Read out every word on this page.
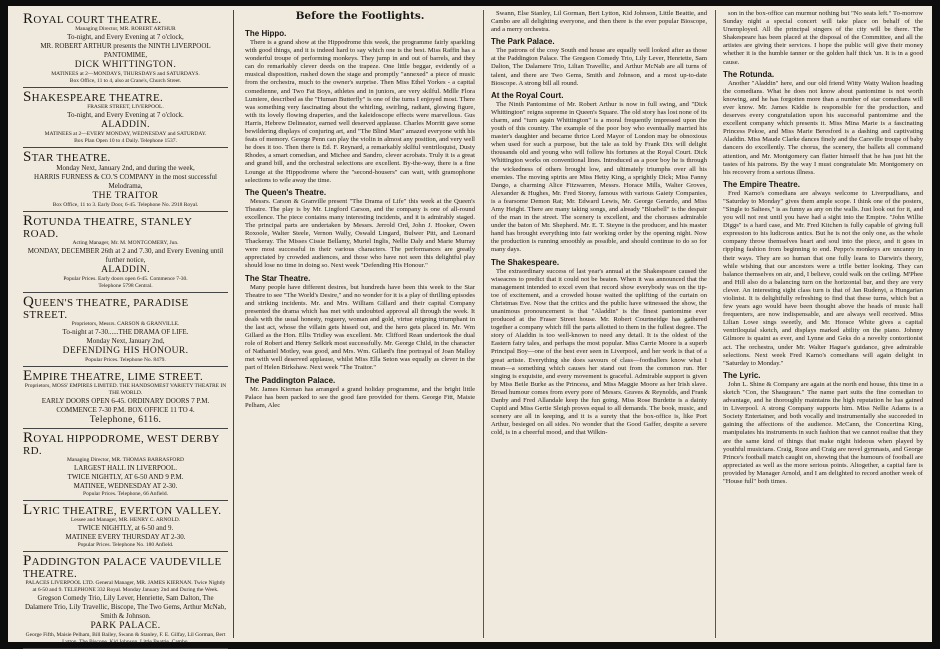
ROYAL COURT THEATRE.
Managing Director, MR. ROBERT ARTHUR
To-night, and Every Evening at 7 o'clock,
MR. ROBERT ARTHUR presents the NINTH LIVERPOOL PANTOMIME,
DICK WHITTINGTON.
MATINEES at 2—MONDAYS, THURSDAYS and SATURDAYS.
Box Office, 11 to 4, also at Crane's, Church Street.
SHAKESPEARE THEATRE.
FRASER STREET, LIVERPOOL.
To-night, and Every Evening at 7 o'clock.
ALADDIN.
MATINEES at 2—EVERY MONDAY, WEDNESDAY and SATURDAY.
Box Plan Open 10 to 4 Daily. Telephone 1537.
STAR THEATRE.
Monday Next, January 2nd, and during the week,
HARRIS FURNESS & CO.'S COMPANY in the most successful Melodrama,
THE TRAITOR
Box Office, 11 to 3. Early Door, 6-45. Telephone No. 2918 Royal.
ROTUNDA THEATRE, STANLEY ROAD.
Acting Manager, Mr. M. MONTGOMERY, Jun.
MONDAY, DECEMBER 26th at 2 and 7.30, and Every Evening until further notice,
ALADDIN.
Popular Prices. Early doors open 6-45. Commence 7-30.
Telephone 5798 Central.
QUEEN'S THEATRE, PARADISE STREET.
Proprietors, Messrs. CARSON & GRANVILLE.
To-night at 7-30......THE DRAMA OF LIFE.
Monday Next, January 2nd,
DEFENDING HIS HONOUR.
Popular Prices. Telephone No. 8479.
EMPIRE THEATRE, LIME STREET.
Proprietors, MOSS' EMPIRES LIMITED. THE HANDSOMEST VARIETY THEATRE IN THE WORLD.
EARLY DOORS OPEN 6-45. ORDINARY DOORS 7 P.M.
COMMENCE 7-30 P.M. BOX OFFICE 11 TO 4.
Telephone, 6116.
ROYAL HIPPODROME, WEST DERBY RD.
Managing Director, MR. THOMAS BARRASFORD
LARGEST HALL IN LIVERPOOL.
TWICE NIGHTLY, AT 6-50 AND 9 P.M.
MATINEE, WEDNESDAY AT 2-30.
Popular Prices. Telephone, 66 Anfield.
LYRIC THEATRE, EVERTON VALLEY.
Lessee and Manager, MR. HENRY C. ARNOLD.
TWICE NIGHTLY, at 6-50 and 9.
MATINEE EVERY THURSDAY AT 2-30.
Popular Prices. Telephone No. 180 Anfield.
PADDINGTON PALACE VAUDEVILLE THEATRE.
PALACES LIVERPOOL LTD. General Manager, MR. JAMES KIERNAN. Twice Nightly at 6-50 and 9. TELEPHONE 332 Royal. Monday January 2nd and During the Week.
Gregson Comedy Trio, Lily Lever, Henriette, Sam Dalton, The Dalamere Trio, Lily Travellic, Biscope, The Two Gems, Arthur McNab, Smith & Johnson.
PARK PALACE.
George Fifth, Maisie Pelham, Bill Bailey, Swann & Stanley, F. E. Gilfay, Lil Gorman, Bert Lytton, The Biscope, Kid Johnson, Little Beattie, Cambo.
Before the Footlights.
The Hippo.
There is a grand show at the Hippodrome this week, the programme fairly sparkling with good things, and it is indeed hard to say which one is the best. Miss Raffin has a wonderful troupe of performing monkeys. They jump in and out of barrels, and they can do remarkably clever deeds on the trapeze. One little beggar, evidently of a musical disposition, rushed down the stage and promptly "annexed" a piece of music from the orchestra, much to the owner's surprise. Then Miss Ethel Yorkes - a capital comedienne, and Two Fat Boys, athletes and in juniors, are very skilful. Mdlle Flora Lumiere, described as the "Human Butterfly" is one of the turns I enjoyed most. There was something very fascinating about the whirling, swirling, radiant, glowing figure, with its lovely flowing draperies, and the kaleidoscope effects were marvellous. Gus Harris, Hebrew Delineator, earned well deserved applause. Charles Morritt gave some bewildering displays of conjuring art, and "The Blind Man" amazed everyone with his feats of memory. George Penn can play the violin in almost any position, and very well he does it too. Then there is Ed. F. Reynard, a remarkably skilful ventriloquist, Dusty Rhodes, a smart comedian, and Michee and Sandro, clever acrobats. Truly it is a great and grand bill, and the orchestral selections are excellent. By-the-way, there is a fine Lounge at the Hippodrome where the "second-housers" can wait, with gramophone selections to wile away the time.
The Queen's Theatre.
Messrs. Carson & Granville present "The Drama of Life" this week at the Queen's Theatre. The play is by Mr. Lingford Carson, and the company is one of all-round excellence. The piece contains many interesting incidents, and it is admirably staged. The principal parts are undertaken by Messrs. Jerrold Ord, John J. Hooker, Owen Roxoole, Walter Steele, Vernon Wally, Oswald Lingard, Bulwer Pitt, and Leonard Thackeray. The Misses Cissie Bellamy, Muriel Inglis, Nellie Daly and Marie Murray were most successful in their various characters. The performances are greatly appreciated by crowded audiences, and those who have not seen this delightful play should lose no time in doing so. Next week "Defending His Honour."
The Star Theatre.
Many people have different desires, but hundreds have been this week to the Star Theatre to see "The World's Desire," and no wonder for it is a play of thrilling episodes and striking incidents. Mr. and Mrs. William Gillard and their capital Company presented the drama which has met with undoubted approval all through the week. It deals with the usual honesty, roguery, woman and gold, virtue reigning triumphant in the last act, whose the villain gets hissed out, and the hero gets placed in. Mr. Wm Gillard as the Hon. Ellis Tridley was excellent. Mr. Clifford Rean undertook the dual role of Robert and Henry Selkirk most successfully. Mr. George Child, in the character of Nathaniel Motley, was good, and Mrs. Wm. Gillard's fine portrayal of Joan Malloy met with well deserved applause, whilst Miss Ella Seton was equally as clever in the part of Helen Birkshaw. Next week "The Traitor."
The Paddington Palace.
Mr. James Kiernan has arranged a grand holiday programme, and the bright little Palace has been packed to see the good fare provided for them. George Fitt, Maisie Pelham, Alec
Swann, Else Stanley, Lil Gorman, Bert Lytton, Kid Johnson, Little Beattie, and Cambo are all delighting everyone, and then there is the ever popular Bioscope, and a merry orchestra.
The Park Palace.
The patrons of the cosy South end house are equally well looked after as those at the Paddington Palace. The Gregson Comedy Trio, Lily Lever, Henriette, Sam Dalton, The Dalamere Trio, Lilian Travellic, and Arthur McNab are all turns of talent, and there are Two Gems, Smith and Johnson, and a most up-to-date Bioscope. A strong bill all round.
At the Royal Court.
The Ninth Pantomime of Mr. Robert Arthur is now in full swing, and "Dick Whittington" reigns supreme in Queen's Square. The old story has lost none of its charm, and "turn again Whittington" is a moral frequently impressed upon the youth of this country. The example of the poor boy who eventually married his master's daughter and became thrice Lord Mayor of London may be obnoxious when used for such a purpose, but the tale as told by Frank Dix will delight thousands old and young who will follow his fortunes at the Royal Court. Dick Whittington works on conventional lines. Introduced as a poor boy he is through the wickedness of others brought low, and ultimately triumphs over all his enemies. The moving spirits are Miss Hetty King, a sprightly Dick; Miss Fanny Dango, a charming Alice Fitzwarren, Messrs. Horace Mills, Walter Groves, Alexander & Hughes, Mr. Fred Storey, famous with various Gaiety Companies, is a fearsome Demon Rat; Mr. Edward Lewis, Mr. George Gerardo, and Miss Amy Height. There are many taking songs, and already "Bluebell" is the despair of the man in the street. The scenery is excellent, and the choruses admirable under the baton of Mr. Shepherd. Mr. E. T. Steyne is the producer, and his master hand has brought everything into fair working order by the opening night. Now the production is running smoothly as possible, and should continue to do so for many days.
The Shakespeare.
The extraordinary success of last year's annual at the Shakespeare caused the wiseacres to predict that it could not be beaten. When it was announced that the management intended to excel even that record show everybody was on the tip-toe of excitement, and a crowded house waited the uplifting of the curtain on Christmas Eve. Now that the critics and the public have witnessed the show, the unanimous pronouncement is that "Aladdin" is the finest pantomime ever produced at the Fraser Street house. Mr. Robert Courtneidge has gathered together a company which fill the parts allotted to them in the fullest degree. The story of Aladdin is too well-known to need any detail. It is the oldest of the Eastern fairy tales, and perhaps the most popular. Miss Carrie Moore is a superb Principal Boy—one of the best ever seen in Liverpool, and her work is that of a great artiste. Everything she does savours of class—footballers know what I mean—a something which causes her stand out from the common run. Her singing is exquisite, and every movement is graceful. Admirable support is given by Miss Beile Burke as the Princess, and Miss Maggie Moore as her Irish slave. Broad humour comes from every pore of Messrs. Graves & Reynolds, and Frank Danby and Fred Allandale keep the fun going. Miss Rose Burdette is a dainty Cupid and Miss Gertie Sleigh proves equal to all demands. The book, music, and scenery are all in keeping, and it is a surety that the box-office is, like Port Arthur, besieged on all sides. No wonder that the Good Gaffer, despite a severe cold, is in a cheerful mood, and that Wilkin-
son in the box-office can murmur nothing but "No seats left." To-morrow Sunday night a special concert will take place on behalf of the Unemployed. All the principal singers of the city will be there. The Shakespeare has been placed at the disposal of the Committee, and all the artistes are giving their services. I hope the public will give their money whether it is the humble tanner or the golden half thick 'un. It is in a good cause.
The Rotunda.
Another "Aladdin" here, and our old friend Witty Watty Walton heading the comedians. What he does not know about pantomime is not worth knowing, and he has forgotten more than a number of star comedians will ever know. Mr. James Kiddie is responsible for the production, and deserves every congratulation upon his successful pantomime and the excellent company which presents it. Miss Mina Marie is a fascinating Princess Pekoe, and Miss Marie Beresford is a dashing and captivating Aladdin. Miss Maude Clarke dances finely and the Carsville troupe of baby dancers do excellently. The chorus, the scenery, the ballets all command attention, and Mr. Montgomery can flatter himself that he has just hit the tastes of his patrons. By the way I must congratulate Mr. Montgomery on his recovery from a serious illness.
The Empire Theatre.
Fred Karno's comedians are always welcome to Liverpudlians, and "Saturday to Monday" gives them ample scope. I think one of the posters, "Single to Saltees," is as funny as any on the walls. Just look out for it, and you will not rest until you have had a sight into the Empire. "John Willie Diggs" is a hard case, and Mr. Fred Kitchen is fully capable of giving full expression to his ludicrous antics. But he is not the only one, as the whole company throw themselves heart and soul into the piece, and it goes in rippling fashion from beginning to end. Peppo's monkeys are uncanny in their ways. They are so human that one fully leans to Darwin's theory, while wishing that our ancestors were a trifle better looking. They can balance themselves on air, and, I believe, could walk on the ceiling. M'Phee and Hill also do a balancing turn on the horizontal bar, and they are very clever. An interesting sight class turn is that of Jan Rudenyi, a Hungarian violinist. It is delightfully refreshing to find that these turns, which but a few years ago would have been thought above the heads of music hall frequenters, are now indispensable, and are always well received. Miss Lilian Lowe sings sweetly, and Mr. Horace White gives a capital ventriloquial sketch, and displays marked ability on the piano. Johnny Gilmore is quaint as ever, and Lynne and Geks do a novelty contortionist act. The orchestra, under Mr. Walter Hague's guidance, give admirable selections. Next week Fred Karno's comedians will again delight in "Saturday to Monday."
The Lyric.
John L. Shine & Company are again at the north end house, this time in a sketch "Con, the Shaugraun." The name part suits the fine comedian to advantage, and he thoroughly maintains the high reputation he has gained in Liverpool. A strong Company supports him. Miss Nellie Adams is a Society Entertainer, and both vocally and instrumentally she succeeded in gaining the affections of the audience. McCann, the Concertina King, manipulates his instruments in such fashion that we cannot realise that they are the same kind of things that make night hideous when played by youthful musicians. Craig, Roze and Craig are novel gymnasts, and George Prince's football match caught on, showing that the humours of football are appreciated as well as the more serious points. Altogether, a capital fare is provided by Manager Arnold, and I am delighted to record another week of "House full" both times.
